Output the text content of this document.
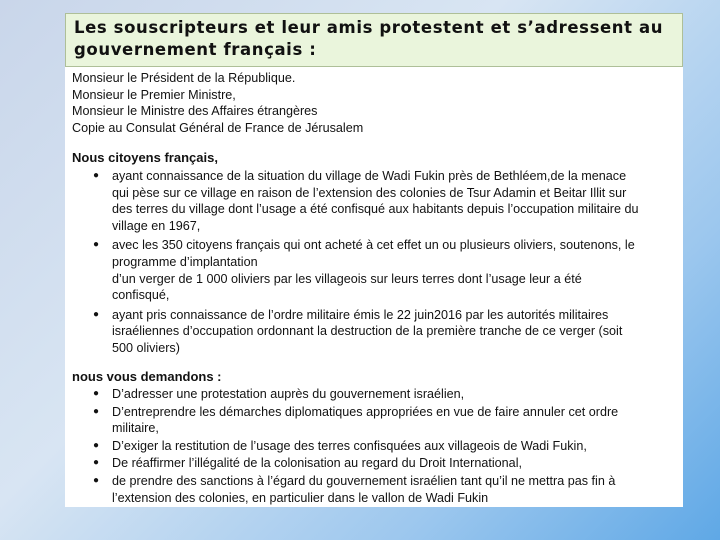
Les souscripteurs et leur amis protestent et s’adressent au
gouvernement français :
Monsieur le Président de la République.
Monsieur le Premier Ministre,
Monsieur le Ministre des Affaires étrangères
Copie au Consulat Général de France de Jérusalem
Nous citoyens français,
● ayant connaissance de la situation du village de Wadi Fukin près de Bethléem,de la menace
qui pèse sur ce village en raison de l’extension des colonies de Tsur Adamin et Beitar Illit sur
des terres du village dont l’usage a été confisqué aux habitants depuis l’occupation militaire du
village en 1967,
● avec les 350 citoyens français qui ont acheté à cet effet un ou plusieurs oliviers, soutenons, le
programme d’implantation
d’un verger de 1 000 oliviers par les villageois sur leurs terres dont l’usage leur a été
confisqué,
● ayant pris connaissance de l’ordre militaire émis le 22 juin2016 par les autorités militaires
israéliennes d’occupation ordonnant la destruction de la première tranche de ce verger (soit
500 oliviers)
nous vous demandons :
● D’adresser une protestation auprès du gouvernement israélien,
● D’entreprendre les démarches diplomatiques appropriées en vue de faire annuler cet ordre
militaire,
● D’exiger la restitution de l’usage des terres confisquées aux villageois de Wadi Fukin,
● De réaffirmer l’illégalité de la colonisation au regard du Droit International,
● de prendre des sanctions à l’égard du gouvernement israélien tant qu’il ne mettra pas fin à
l’extension des colonies, en particulier dans le vallon de Wadi Fukin
